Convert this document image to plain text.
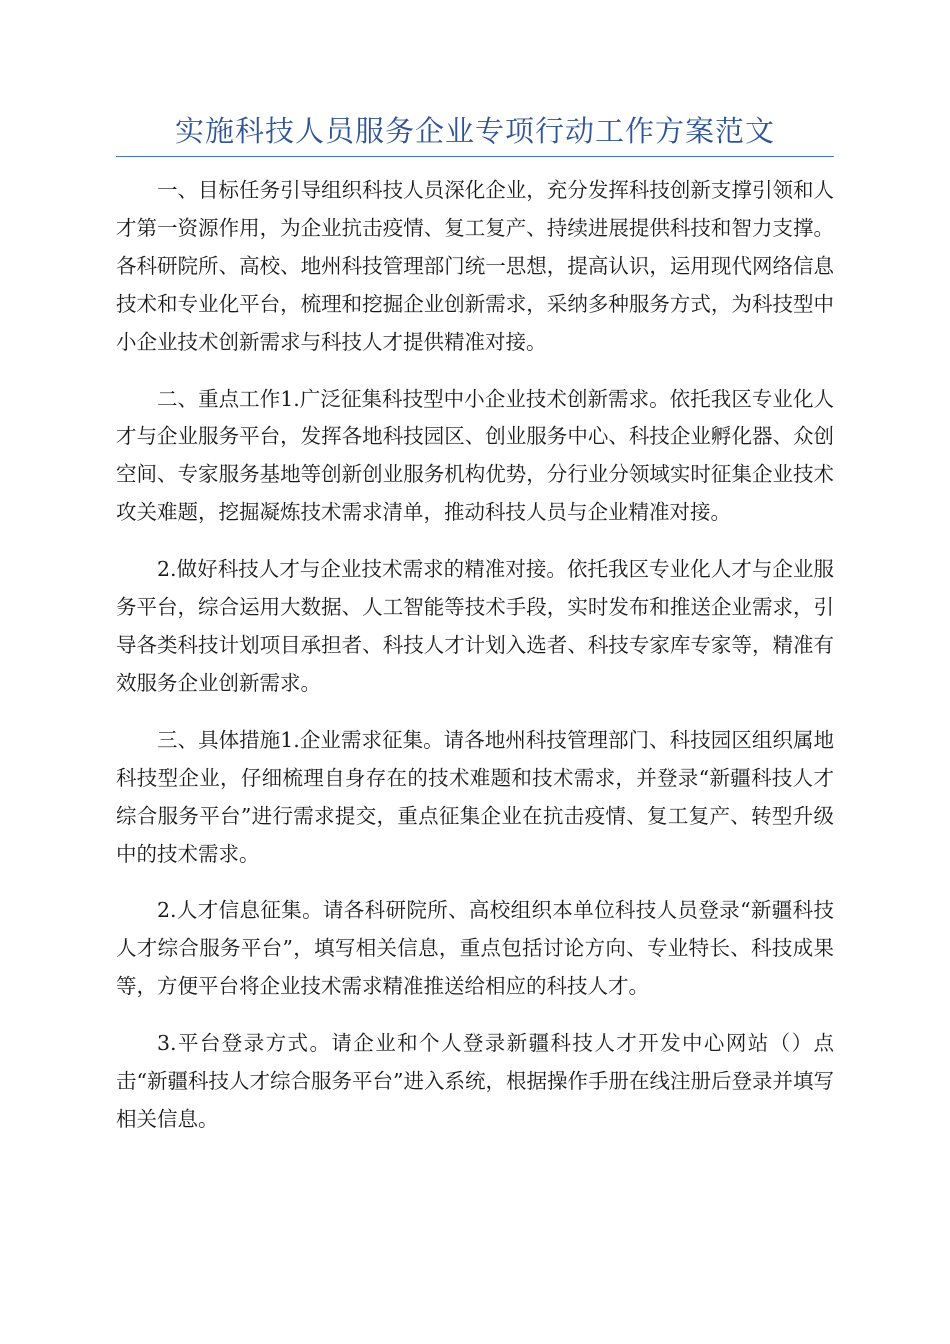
实施科技人员服务企业专项行动工作方案范文

一、目标任务引导组织科技人员深化企业，充分发挥科技创新支撑引领和人才第一资源作用，为企业抗击疫情、复工复产、持续进展提供科技和智力支撑。各科研院所、高校、地州科技管理部门统一思想，提高认识，运用现代网络信息技术和专业化平台，梳理和挖掘企业创新需求，采纳多种服务方式，为科技型中小企业技术创新需求与科技人才提供精准对接。

二、重点工作1.广泛征集科技型中小企业技术创新需求。依托我区专业化人才与企业服务平台，发挥各地科技园区、创业服务中心、科技企业孵化器、众创空间、专家服务基地等创新创业服务机构优势，分行业分领域实时征集企业技术攻关难题，挖掘凝炼技术需求清单，推动科技人员与企业精准对接。

2.做好科技人才与企业技术需求的精准对接。依托我区专业化人才与企业服务平台，综合运用大数据、人工智能等技术手段，实时发布和推送企业需求，引导各类科技计划项目承担者、科技人才计划入选者、科技专家库专家等，精准有效服务企业创新需求。

三、具体措施1.企业需求征集。请各地州科技管理部门、科技园区组织属地科技型企业，仔细梳理自身存在的技术难题和技术需求，并登录“新疆科技人才综合服务平台”进行需求提交，重点征集企业在抗击疫情、复工复产、转型升级中的技术需求。

2.人才信息征集。请各科研院所、高校组织本单位科技人员登录“新疆科技人才综合服务平台”，填写相关信息，重点包括讨论方向、专业特长、科技成果等，方便平台将企业技术需求精准推送给相应的科技人才。

3.平台登录方式。请企业和个人登录新疆科技人才开发中心网站（）点击“新疆科技人才综合服务平台”进入系统，根据操作手册在线注册后登录并填写相关信息。
